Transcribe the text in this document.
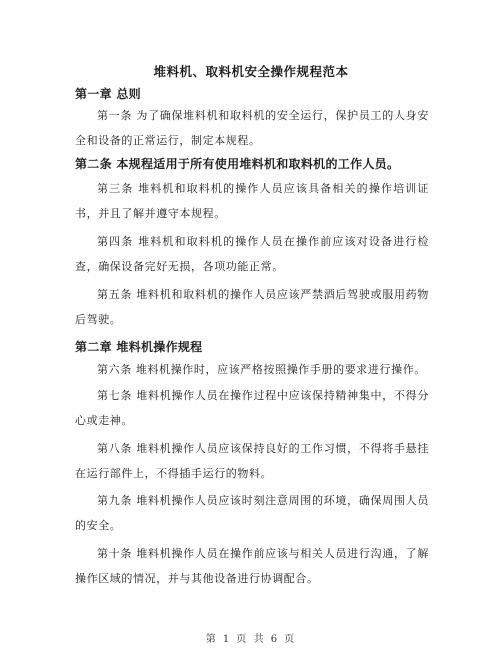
堆料机、取料机安全操作规程范本
第一章 总则
第一条 为了确保堆料机和取料机的安全运行，保护员工的人身安全和设备的正常运行，制定本规程。
第二条 本规程适用于所有使用堆料机和取料机的工作人员。
第三条 堆料机和取料机的操作人员应该具备相关的操作培训证书，并且了解并遵守本规程。
第四条 堆料机和取料机的操作人员在操作前应该对设备进行检查，确保设备完好无损，各项功能正常。
第五条 堆料机和取料机的操作人员应该严禁酒后驾驶或服用药物后驾驶。
第二章 堆料机操作规程
第六条 堆料机操作时，应该严格按照操作手册的要求进行操作。
第七条 堆料机操作人员在操作过程中应该保持精神集中，不得分心或走神。
第八条 堆料机操作人员应该保持良好的工作习惯，不得将手悬挂在运行部件上，不得插手运行的物料。
第九条 堆料机操作人员应该时刻注意周围的环境，确保周围人员的安全。
第十条 堆料机操作人员在操作前应该与相关人员进行沟通，了解操作区域的情况，并与其他设备进行协调配合。
第 1 页 共 6 页
